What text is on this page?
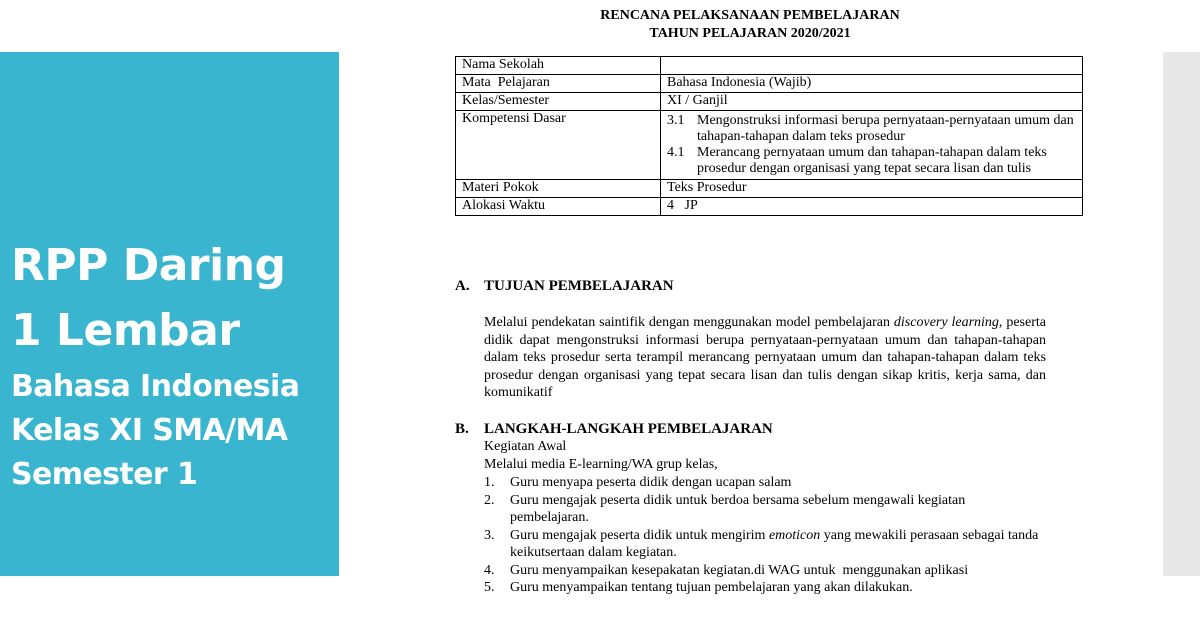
RPP Daring
1 Lembar
Bahasa Indonesia
Kelas XI SMA/MA
Semester 1
RENCANA PELAKSANAAN PEMBELAJARAN
TAHUN PELAJARAN 2020/2021
Nama Sekolah	
Mata  Pelajaran	Bahasa Indonesia (Wajib)
Kelas/Semester	XI / Ganjil
Kompetensi Dasar	3.1 Mengonstruksi informasi berupa pernyataan-pernyataan umum dan tahapan-tahapan dalam teks prosedur
4.1 Merancang pernyataan umum dan tahapan-tahapan dalam teks prosedur dengan organisasi yang tepat secara lisan dan tulis

Materi Pokok	Teks Prosedur
Alokasi Waktu	4   JP
A. TUJUAN PEMBELAJARAN
Melalui pendekatan saintifik dengan menggunakan model pembelajaran discovery learning, peserta didik dapat mengonstruksi informasi berupa pernyataan-pernyataan umum dan tahapan-tahapan dalam teks prosedur serta terampil merancang pernyataan umum dan tahapan-tahapan dalam teks prosedur dengan organisasi yang tepat secara lisan dan tulis dengan sikap kritis, kerja sama, dan komunikatif
B. LANGKAH-LANGKAH PEMBELAJARAN
Kegiatan Awal
Melalui media E-learning/WA grup kelas,
1.	Guru menyapa peserta didik dengan ucapan salam
2.	Guru mengajak peserta didik untuk berdoa bersama sebelum mengawali kegiatan pembelajaran.
3.	Guru mengajak peserta didik untuk mengirim emoticon yang mewakili perasaan sebagai tanda keikutsertaan dalam kegiatan.
4.	Guru menyampaikan kesepakatan kegiatan.di WAG untuk  menggunakan aplikasi
5.	Guru menyampaikan tentang tujuan pembelajaran yang akan dilakukan.
